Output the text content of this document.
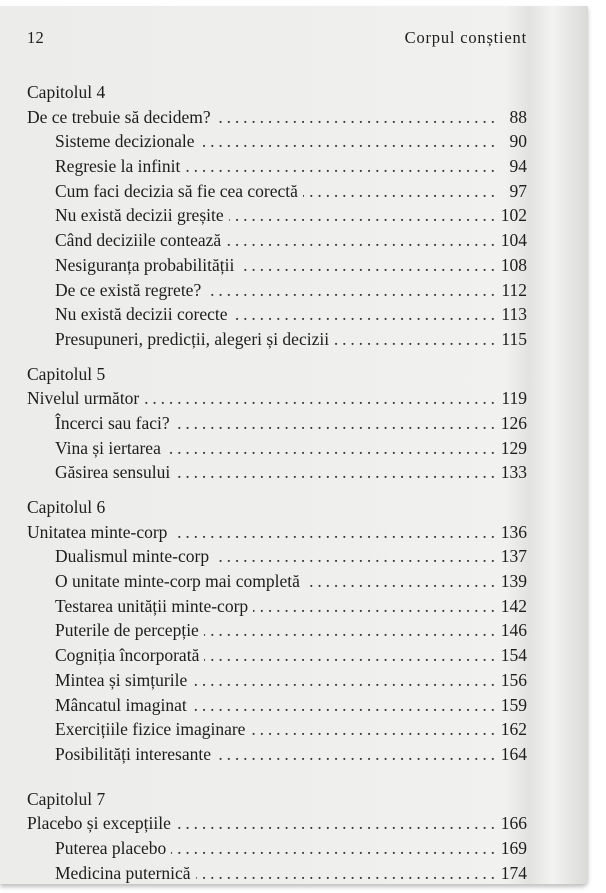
12	Corpul conștient
Capitolul 4
De ce trebuie să decidem? . . .	88
Sisteme decizionale . . .	90
Regresie la infinit . . .	94
Cum faci decizia să fie cea corectă . . .	97
Nu există decizii greșite . . .	102
Când deciziile contează . . .	104
Nesiguranța probabilității . . .	108
De ce există regrete? . . .	112
Nu există decizii corecte . . .	113
Presupuneri, predicții, alegeri și decizii . . .	115
Capitolul 5
Nivelul următor . . .	119
Încerci sau faci? . . .	126
Vina și iertarea . . .	129
Găsirea sensului . . .	133
Capitolul 6
Unitatea minte-corp . . .	136
Dualismul minte-corp . . .	137
O unitate minte-corp mai completă . . .	139
Testarea unității minte-corp . . .	142
Puterile de percepție . . .	146
Cogniția încorporată . . .	154
Mintea și simțurile . . .	156
Mâncatul imaginat . . .	159
Exercițiile fizice imaginare . . .	162
Posibilități interesante . . .	164
Capitolul 7
Placebo și excepțiile . . .	166
Puterea placebo . . .	169
Medicina puternică . . .	174
